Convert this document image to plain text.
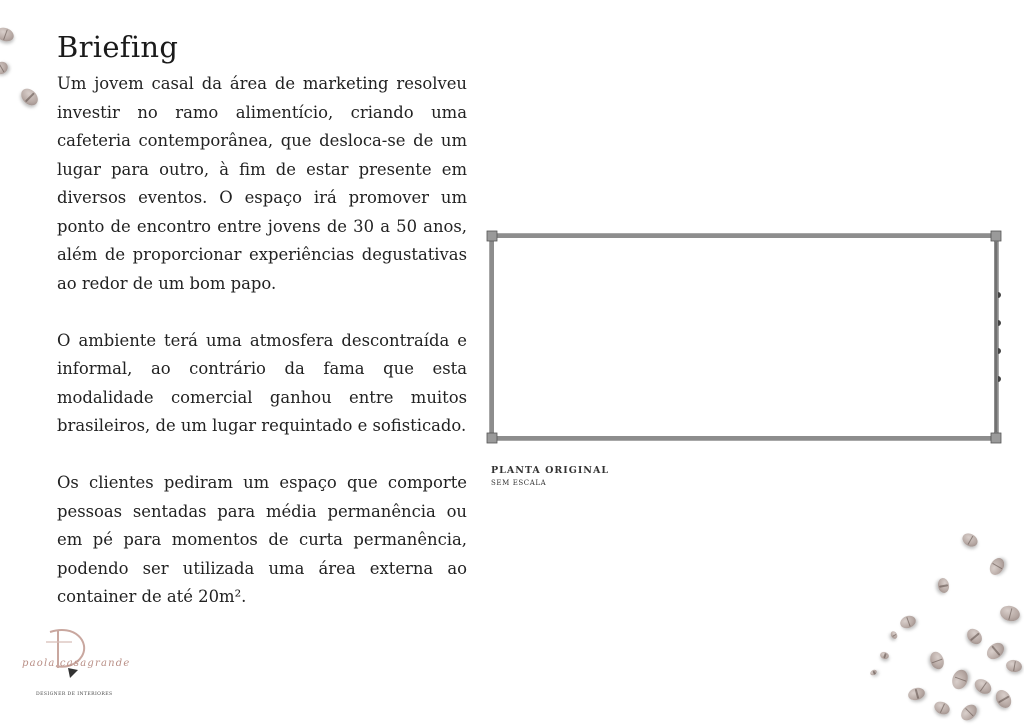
Briefing

Um jovem casal da área de marketing resolveu investir no ramo alimentício, criando uma cafeteria contemporânea, que desloca-se de um lugar para outro, à fim de estar presente em diversos eventos. O espaço irá promover um ponto de encontro entre jovens de 30 a 50 anos, além de proporcionar experiências degustativas ao redor de um bom papo.

O ambiente terá uma atmosfera descontraída e informal, ao contrário da fama que esta modalidade comercial ganhou entre muitos brasileiros, de um lugar requintado e sofisticado.

Os clientes pediram um espaço que comporte pessoas sentadas para média permanência ou em pé para momentos de curta permanência, podendo ser utilizada uma área externa ao container de até 20m².

PLANTA ORIGINAL
SEM ESCALA
paola casagrande
DESIGNER DE INTERIORES
